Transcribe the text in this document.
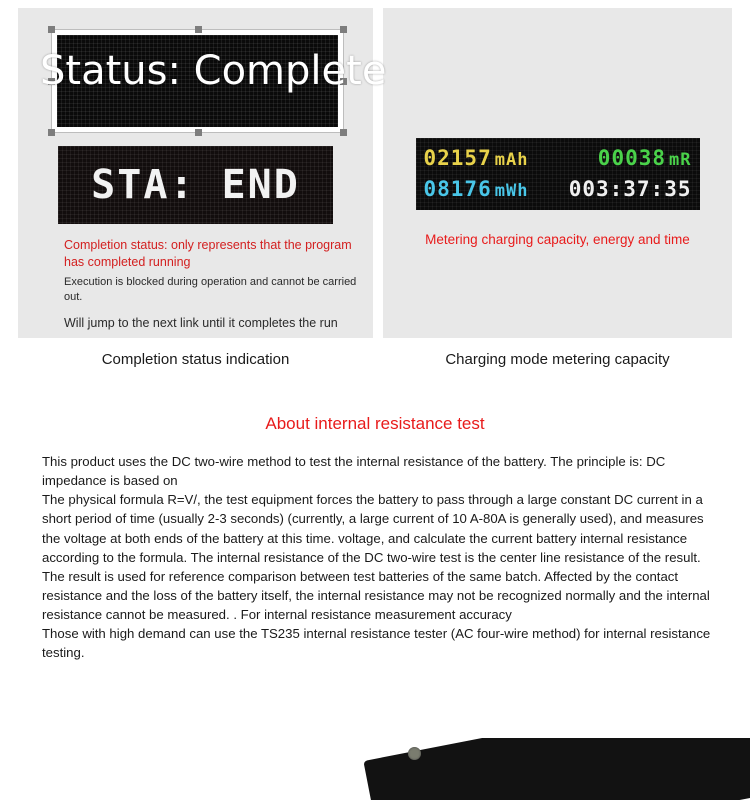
Status: Complete
STA: END
Completion status: only represents that the program has completed running
Execution is blocked during operation and cannot be carried out.
Will jump to the next link until it completes the run
Completion status indication
02157 mAh	00038 mR
08176 mWh 003:37:35
Metering charging capacity, energy and time
Charging mode metering capacity
About internal resistance test

This product uses the DC two-wire method to test the internal resistance of the battery. The principle is: DC impedance is based on

The physical formula R=V/, the test equipment forces the battery to pass through a large constant DC current in a short period of time (usually 2-3 seconds) (currently, a large current of 10 A-80A is generally used), and measures the voltage at both ends of the battery at this time. voltage, and calculate the current battery internal resistance according to the formula. The internal resistance of the DC two-wire test is the center line resistance of the result. The result is used for reference comparison between test batteries of the same batch. Affected by the contact resistance and the loss of the battery itself, the internal resistance may not be recognized normally and the internal resistance cannot be measured. . For internal resistance measurement accuracy

Those with high demand can use the TS235 internal resistance tester (AC four-wire method) for internal resistance testing.
